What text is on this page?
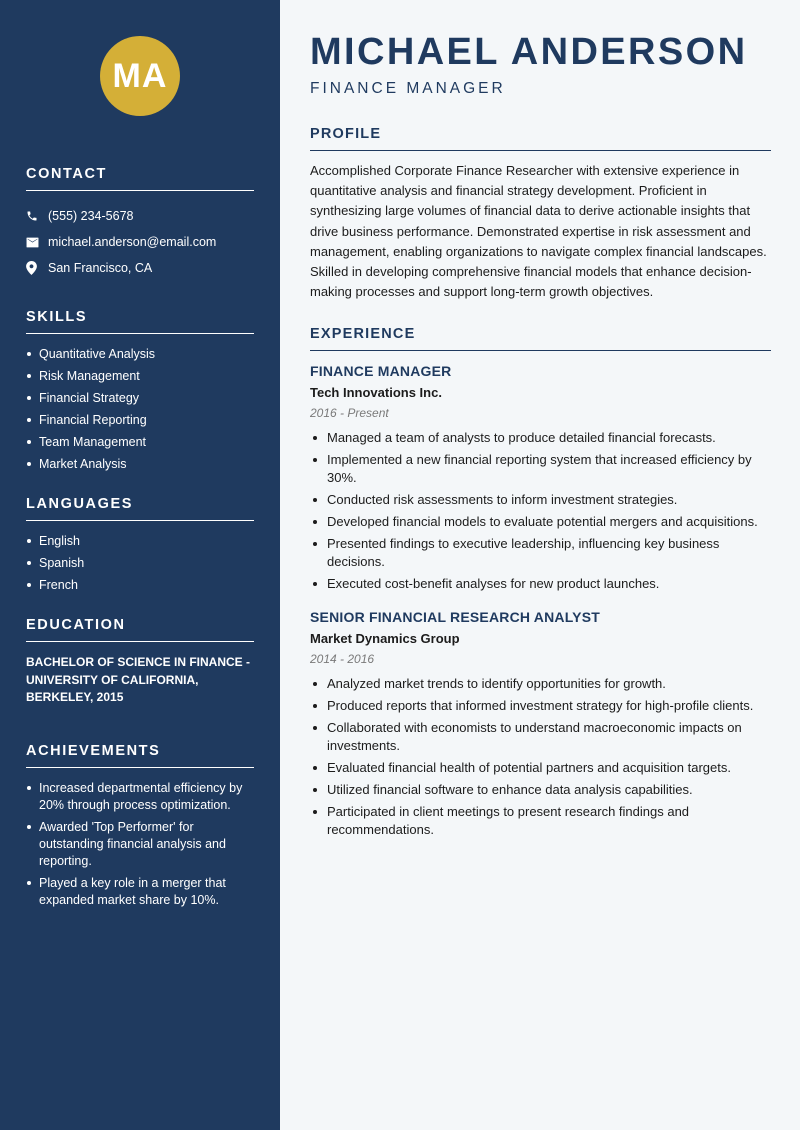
MA
CONTACT
(555) 234-5678
michael.anderson@email.com
San Francisco, CA
SKILLS
Quantitative Analysis
Risk Management
Financial Strategy
Financial Reporting
Team Management
Market Analysis
LANGUAGES
English
Spanish
French
EDUCATION
BACHELOR OF SCIENCE IN FINANCE - UNIVERSITY OF CALIFORNIA, BERKELEY, 2015
ACHIEVEMENTS
Increased departmental efficiency by 20% through process optimization.
Awarded 'Top Performer' for outstanding financial analysis and reporting.
Played a key role in a merger that expanded market share by 10%.
MICHAEL ANDERSON
FINANCE MANAGER
PROFILE

Accomplished Corporate Finance Researcher with extensive experience in quantitative analysis and financial strategy development. Proficient in synthesizing large volumes of financial data to derive actionable insights that drive business performance. Demonstrated expertise in risk assessment and management, enabling organizations to navigate complex financial landscapes. Skilled in developing comprehensive financial models that enhance decision-making processes and support long-term growth objectives.

EXPERIENCE
FINANCE MANAGER
Tech Innovations Inc.
2016 - Present
Managed a team of analysts to produce detailed financial forecasts.
Implemented a new financial reporting system that increased efficiency by 30%.
Conducted risk assessments to inform investment strategies.
Developed financial models to evaluate potential mergers and acquisitions.
Presented findings to executive leadership, influencing key business decisions.
Executed cost-benefit analyses for new product launches.
SENIOR FINANCIAL RESEARCH ANALYST
Market Dynamics Group
2014 - 2016
Analyzed market trends to identify opportunities for growth.
Produced reports that informed investment strategy for high-profile clients.
Collaborated with economists to understand macroeconomic impacts on investments.
Evaluated financial health of potential partners and acquisition targets.
Utilized financial software to enhance data analysis capabilities.
Participated in client meetings to present research findings and recommendations.
